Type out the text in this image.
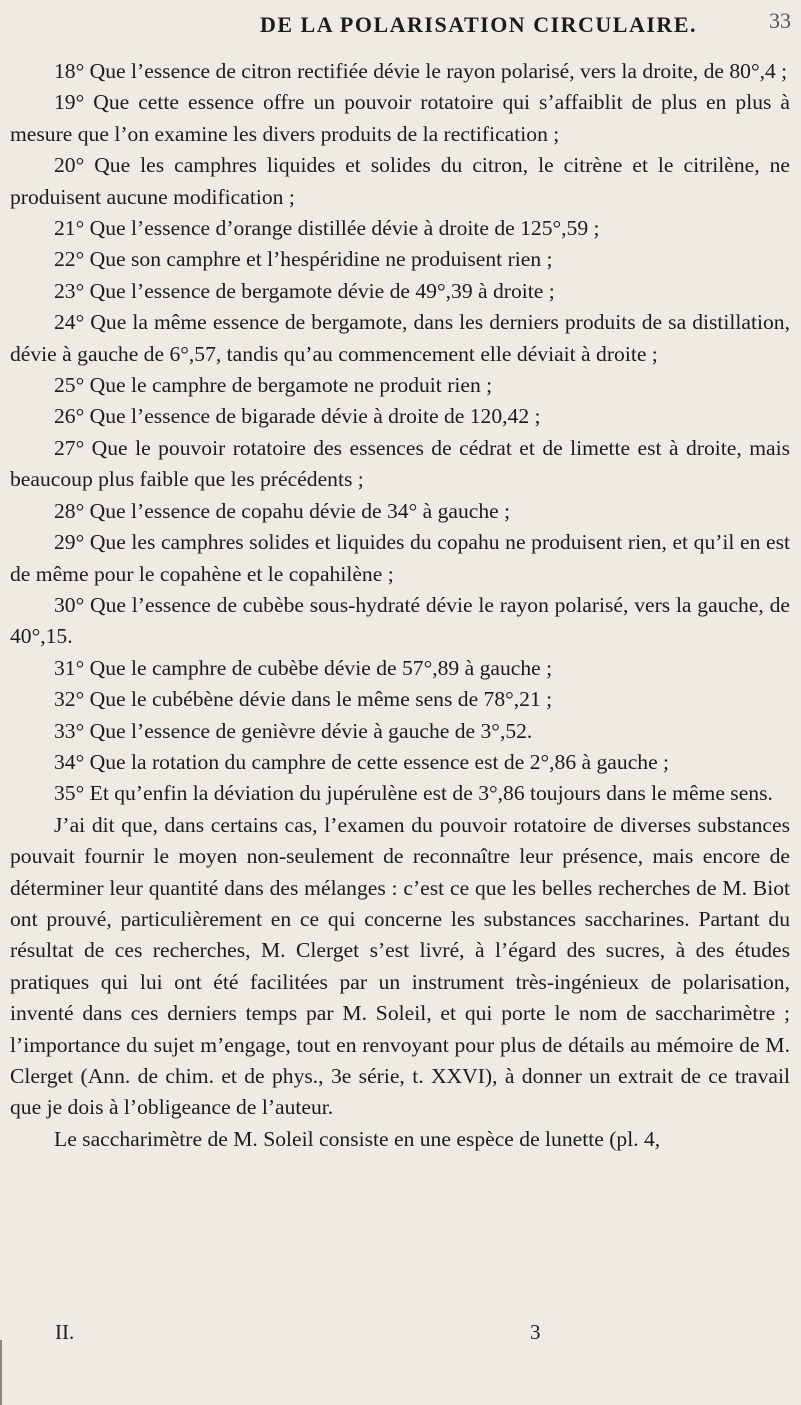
DE LA POLARISATION CIRCULAIRE.	33

18° Que l’essence de citron rectifiée dévie le rayon polarisé, vers la droite, de 80°,4 ;

19° Que cette essence offre un pouvoir rotatoire qui s’affaiblit de plus en plus à mesure que l’on examine les divers produits de la rectification ;

20° Que les camphres liquides et solides du citron, le citrène et le citrilène, ne produisent aucune modification ;

21° Que l’essence d’orange distillée dévie à droite de 125°,59 ;

22° Que son camphre et l’hespéridine ne produisent rien ;

23° Que l’essence de bergamote dévie de 49°,39 à droite ;

24° Que la même essence de bergamote, dans les derniers produits de sa distillation, dévie à gauche de 6°,57, tandis qu’au commencement elle déviait à droite ;

25° Que le camphre de bergamote ne produit rien ;

26° Que l’essence de bigarade dévie à droite de 120,42 ;

27° Que le pouvoir rotatoire des essences de cédrat et de limette est à droite, mais beaucoup plus faible que les précédents ;

28° Que l’essence de copahu dévie de 34° à gauche ;

29° Que les camphres solides et liquides du copahu ne produisent rien, et qu’il en est de même pour le copahène et le copahilène ;

30° Que l’essence de cubèbe sous-hydraté dévie le rayon polarisé, vers la gauche, de 40°,15.

31° Que le camphre de cubèbe dévie de 57°,89 à gauche ;

32° Que le cubébène dévie dans le même sens de 78°,21 ;

33° Que l’essence de genièvre dévie à gauche de 3°,52.

34° Que la rotation du camphre de cette essence est de 2°,86 à gauche ;

35° Et qu’enfin la déviation du jupérulène est de 3°,86 toujours dans le même sens.

J’ai dit que, dans certains cas, l’examen du pouvoir rotatoire de diverses substances pouvait fournir le moyen non-seulement de reconnaître leur présence, mais encore de déterminer leur quantité dans des mélanges : c’est ce que les belles recherches de M. Biot ont prouvé, particulièrement en ce qui concerne les substances saccharines. Partant du résultat de ces recherches, M. Clerget s’est livré, à l’égard des sucres, à des études pratiques qui lui ont été facilitées par un instrument très-ingénieux de polarisation, inventé dans ces derniers temps par M. Soleil, et qui porte le nom de saccharimètre ; l’importance du sujet m’engage, tout en renvoyant pour plus de détails au mémoire de M. Clerget (Ann. de chim. et de phys., 3e série, t. XXVI), à donner un extrait de ce travail que je dois à l’obligeance de l’auteur.

Le saccharimètre de M. Soleil consiste en une espèce de lunette (pl. 4,

II.	3
